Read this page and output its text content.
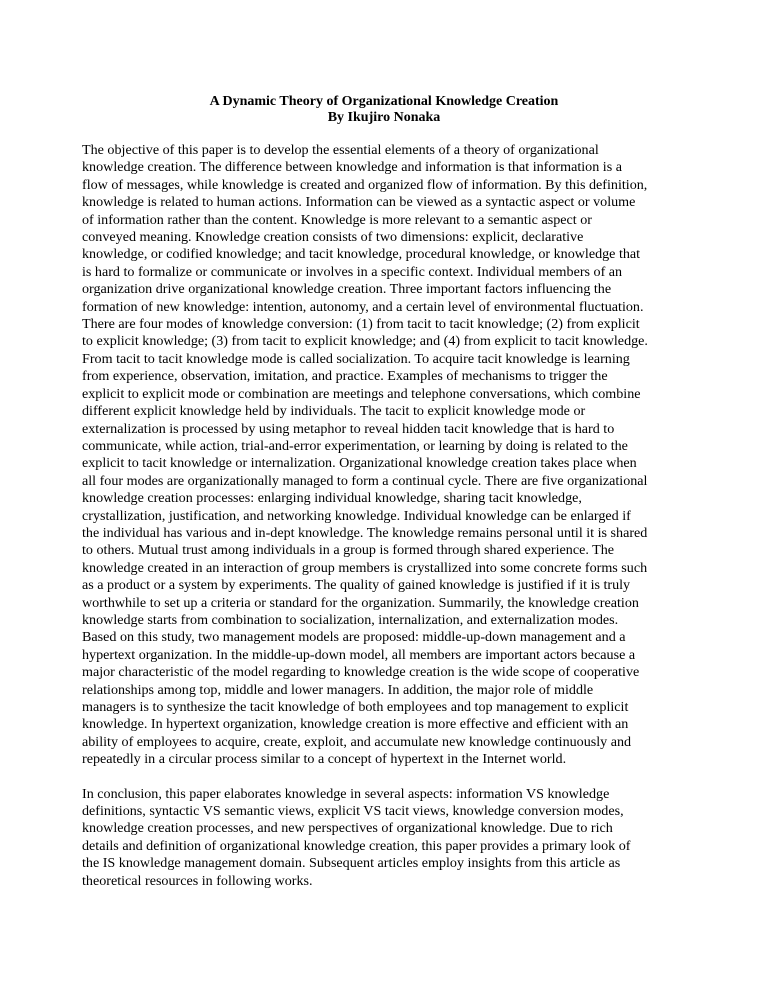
A Dynamic Theory of Organizational Knowledge Creation
By Ikujiro Nonaka

The objective of this paper is to develop the essential elements of a theory of organizational
knowledge creation. The difference between knowledge and information is that information is a
flow of messages, while knowledge is created and organized flow of information. By this definition,
knowledge is related to human actions. Information can be viewed as a syntactic aspect or volume
of information rather than the content. Knowledge is more relevant to a semantic aspect or
conveyed meaning. Knowledge creation consists of two dimensions: explicit, declarative
knowledge, or codified knowledge; and tacit knowledge, procedural knowledge, or knowledge that
is hard to formalize or communicate or involves in a specific context. Individual members of an
organization drive organizational knowledge creation. Three important factors influencing the
formation of new knowledge: intention, autonomy, and a certain level of environmental fluctuation.
There are four modes of knowledge conversion: (1) from tacit to tacit knowledge; (2) from explicit
to explicit knowledge; (3) from tacit to explicit knowledge; and (4) from explicit to tacit knowledge.
From tacit to tacit knowledge mode is called socialization. To acquire tacit knowledge is learning
from experience, observation, imitation, and practice. Examples of mechanisms to trigger the
explicit to explicit mode or combination are meetings and telephone conversations, which combine
different explicit knowledge held by individuals. The tacit to explicit knowledge mode or
externalization is processed by using metaphor to reveal hidden tacit knowledge that is hard to
communicate, while action, trial-and-error experimentation, or learning by doing is related to the
explicit to tacit knowledge or internalization. Organizational knowledge creation takes place when
all four modes are organizationally managed to form a continual cycle. There are five organizational
knowledge creation processes: enlarging individual knowledge, sharing tacit knowledge,
crystallization, justification, and networking knowledge. Individual knowledge can be enlarged if
the individual has various and in-dept knowledge. The knowledge remains personal until it is shared
to others. Mutual trust among individuals in a group is formed through shared experience. The
knowledge created in an interaction of group members is crystallized into some concrete forms such
as a product or a system by experiments. The quality of gained knowledge is justified if it is truly
worthwhile to set up a criteria or standard for the organization. Summarily, the knowledge creation
knowledge starts from combination to socialization, internalization, and externalization modes.
Based on this study, two management models are proposed: middle-up-down management and a
hypertext organization. In the middle-up-down model, all members are important actors because a
major characteristic of the model regarding to knowledge creation is the wide scope of cooperative
relationships among top, middle and lower managers. In addition, the major role of middle
managers is to synthesize the tacit knowledge of both employees and top management to explicit
knowledge. In hypertext organization, knowledge creation is more effective and efficient with an
ability of employees to acquire, create, exploit, and accumulate new knowledge continuously and
repeatedly in a circular process similar to a concept of hypertext in the Internet world.

In conclusion, this paper elaborates knowledge in several aspects: information VS knowledge
definitions, syntactic VS semantic views, explicit VS tacit views, knowledge conversion modes,
knowledge creation processes, and new perspectives of organizational knowledge. Due to rich
details and definition of organizational knowledge creation, this paper provides a primary look of
the IS knowledge management domain. Subsequent articles employ insights from this article as
theoretical resources in following works.
